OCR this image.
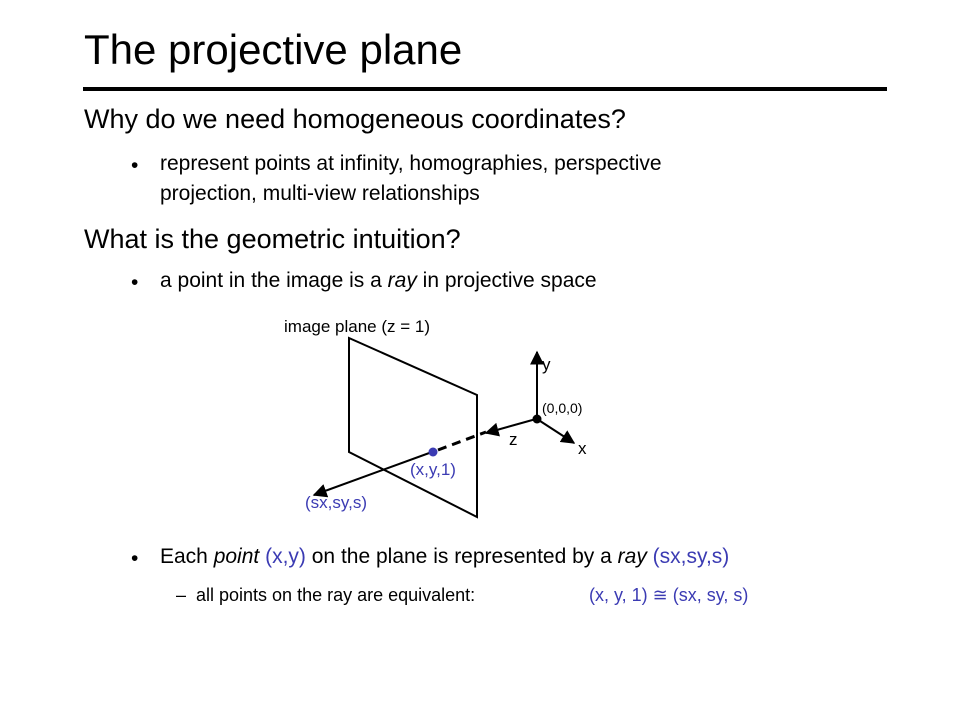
The projective plane
Why do we need homogeneous coordinates?
• represent points at infinity, homographies, perspective
projection, multi-view relationships
What is the geometric intuition?
• a point in the image is a ray in projective space
image plane (z = 1)
y
(0,0,0)
z	x
(x,y,1)
(sx,sy,s)
• Each point (x,y) on the plane is represented by a ray (sx,sy,s)
– all points on the ray are equivalent:	(x, y, 1) ≅ (sx, sy, s)
